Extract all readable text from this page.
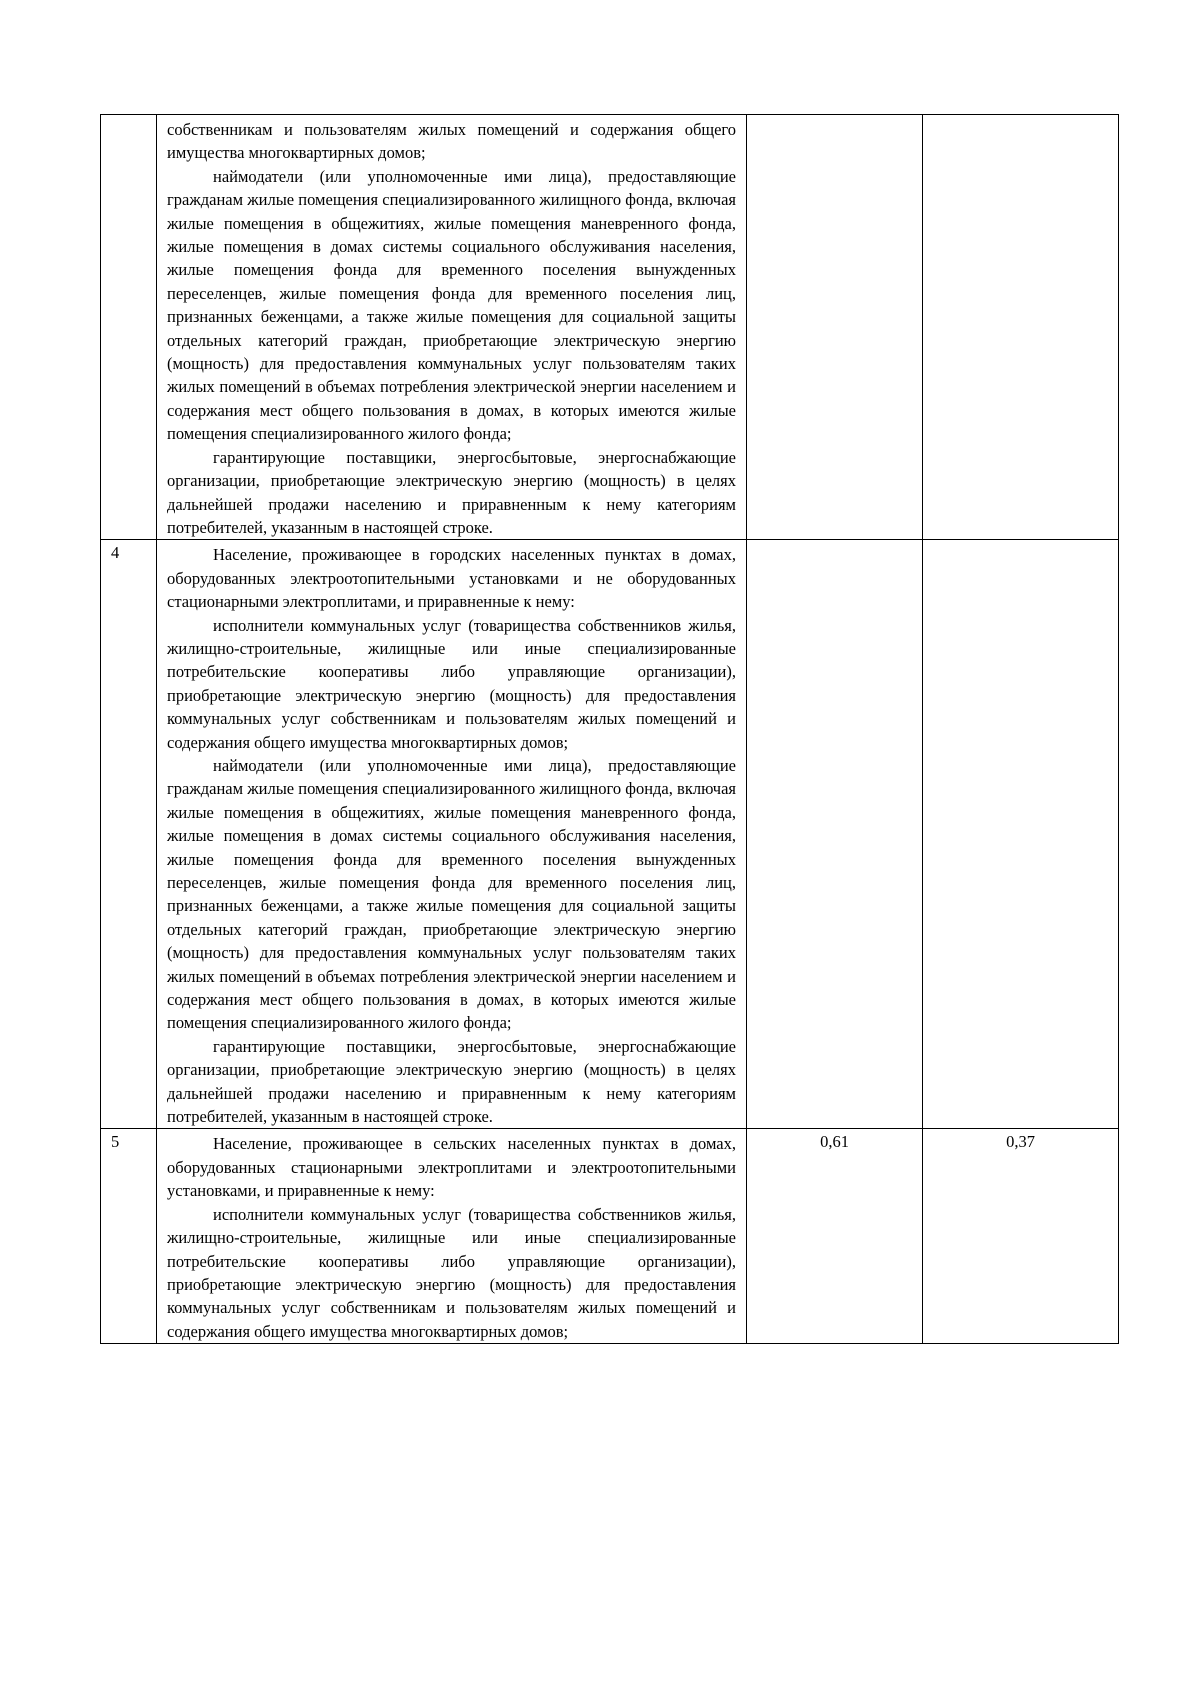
	собственникам и пользователям жилых помещений и содержания общего имущества многоквартирных домов;

наймодатели (или уполномоченные ими лица), предоставляющие гражданам жилые помещения специализированного жилищного фонда, включая жилые помещения в общежитиях, жилые помещения маневренного фонда, жилые помещения в домах системы социального обслуживания населения, жилые помещения фонда для временного поселения вынужденных переселенцев, жилые помещения фонда для временного поселения лиц, признанных беженцами, а также жилые помещения для социальной защиты отдельных категорий граждан, приобретающие электрическую энергию (мощность) для предоставления коммунальных услуг пользователям таких жилых помещений в объемах потребления электрической энергии населением и содержания мест общего пользования в домах, в которых имеются жилые помещения специализированного жилого фонда;

гарантирующие поставщики, энергосбытовые, энергоснабжающие организации, приобретающие электрическую энергию (мощность) в целях дальнейшей продажи населению и приравненным к нему категориям потребителей, указанным в настоящей строке.		

4	Население, проживающее в городских населенных пунктах в домах, оборудованных электроотопительными установками и не оборудованных стационарными электроплитами, и приравненные к нему:

исполнители коммунальных услуг (товарищества собственников жилья, жилищно-строительные, жилищные или иные специализированные потребительские кооперативы либо управляющие организации), приобретающие электрическую энергию (мощность) для предоставления коммунальных услуг собственникам и пользователям жилых помещений и содержания общего имущества многоквартирных домов;

наймодатели (или уполномоченные ими лица), предоставляющие гражданам жилые помещения специализированного жилищного фонда, включая жилые помещения в общежитиях, жилые помещения маневренного фонда, жилые помещения в домах системы социального обслуживания населения, жилые помещения фонда для временного поселения вынужденных переселенцев, жилые помещения фонда для временного поселения лиц, признанных беженцами, а также жилые помещения для социальной защиты отдельных категорий граждан, приобретающие электрическую энергию (мощность) для предоставления коммунальных услуг пользователям таких жилых помещений в объемах потребления электрической энергии населением и содержания мест общего пользования в домах, в которых имеются жилые помещения специализированного жилого фонда;

гарантирующие поставщики, энергосбытовые, энергоснабжающие организации, приобретающие электрическую энергию (мощность) в целях дальнейшей продажи населению и приравненным к нему категориям потребителей, указанным в настоящей строке.		

5	Население, проживающее в сельских населенных пунктах в домах, оборудованных стационарными электроплитами и электроотопительными установками, и приравненные к нему:

исполнители коммунальных услуг (товарищества собственников жилья, жилищно-строительные, жилищные или иные специализированные потребительские кооперативы либо управляющие организации), приобретающие электрическую энергию (мощность) для предоставления коммунальных услуг собственникам и пользователям жилых помещений и содержания общего имущества многоквартирных домов;	0,61	0,37
